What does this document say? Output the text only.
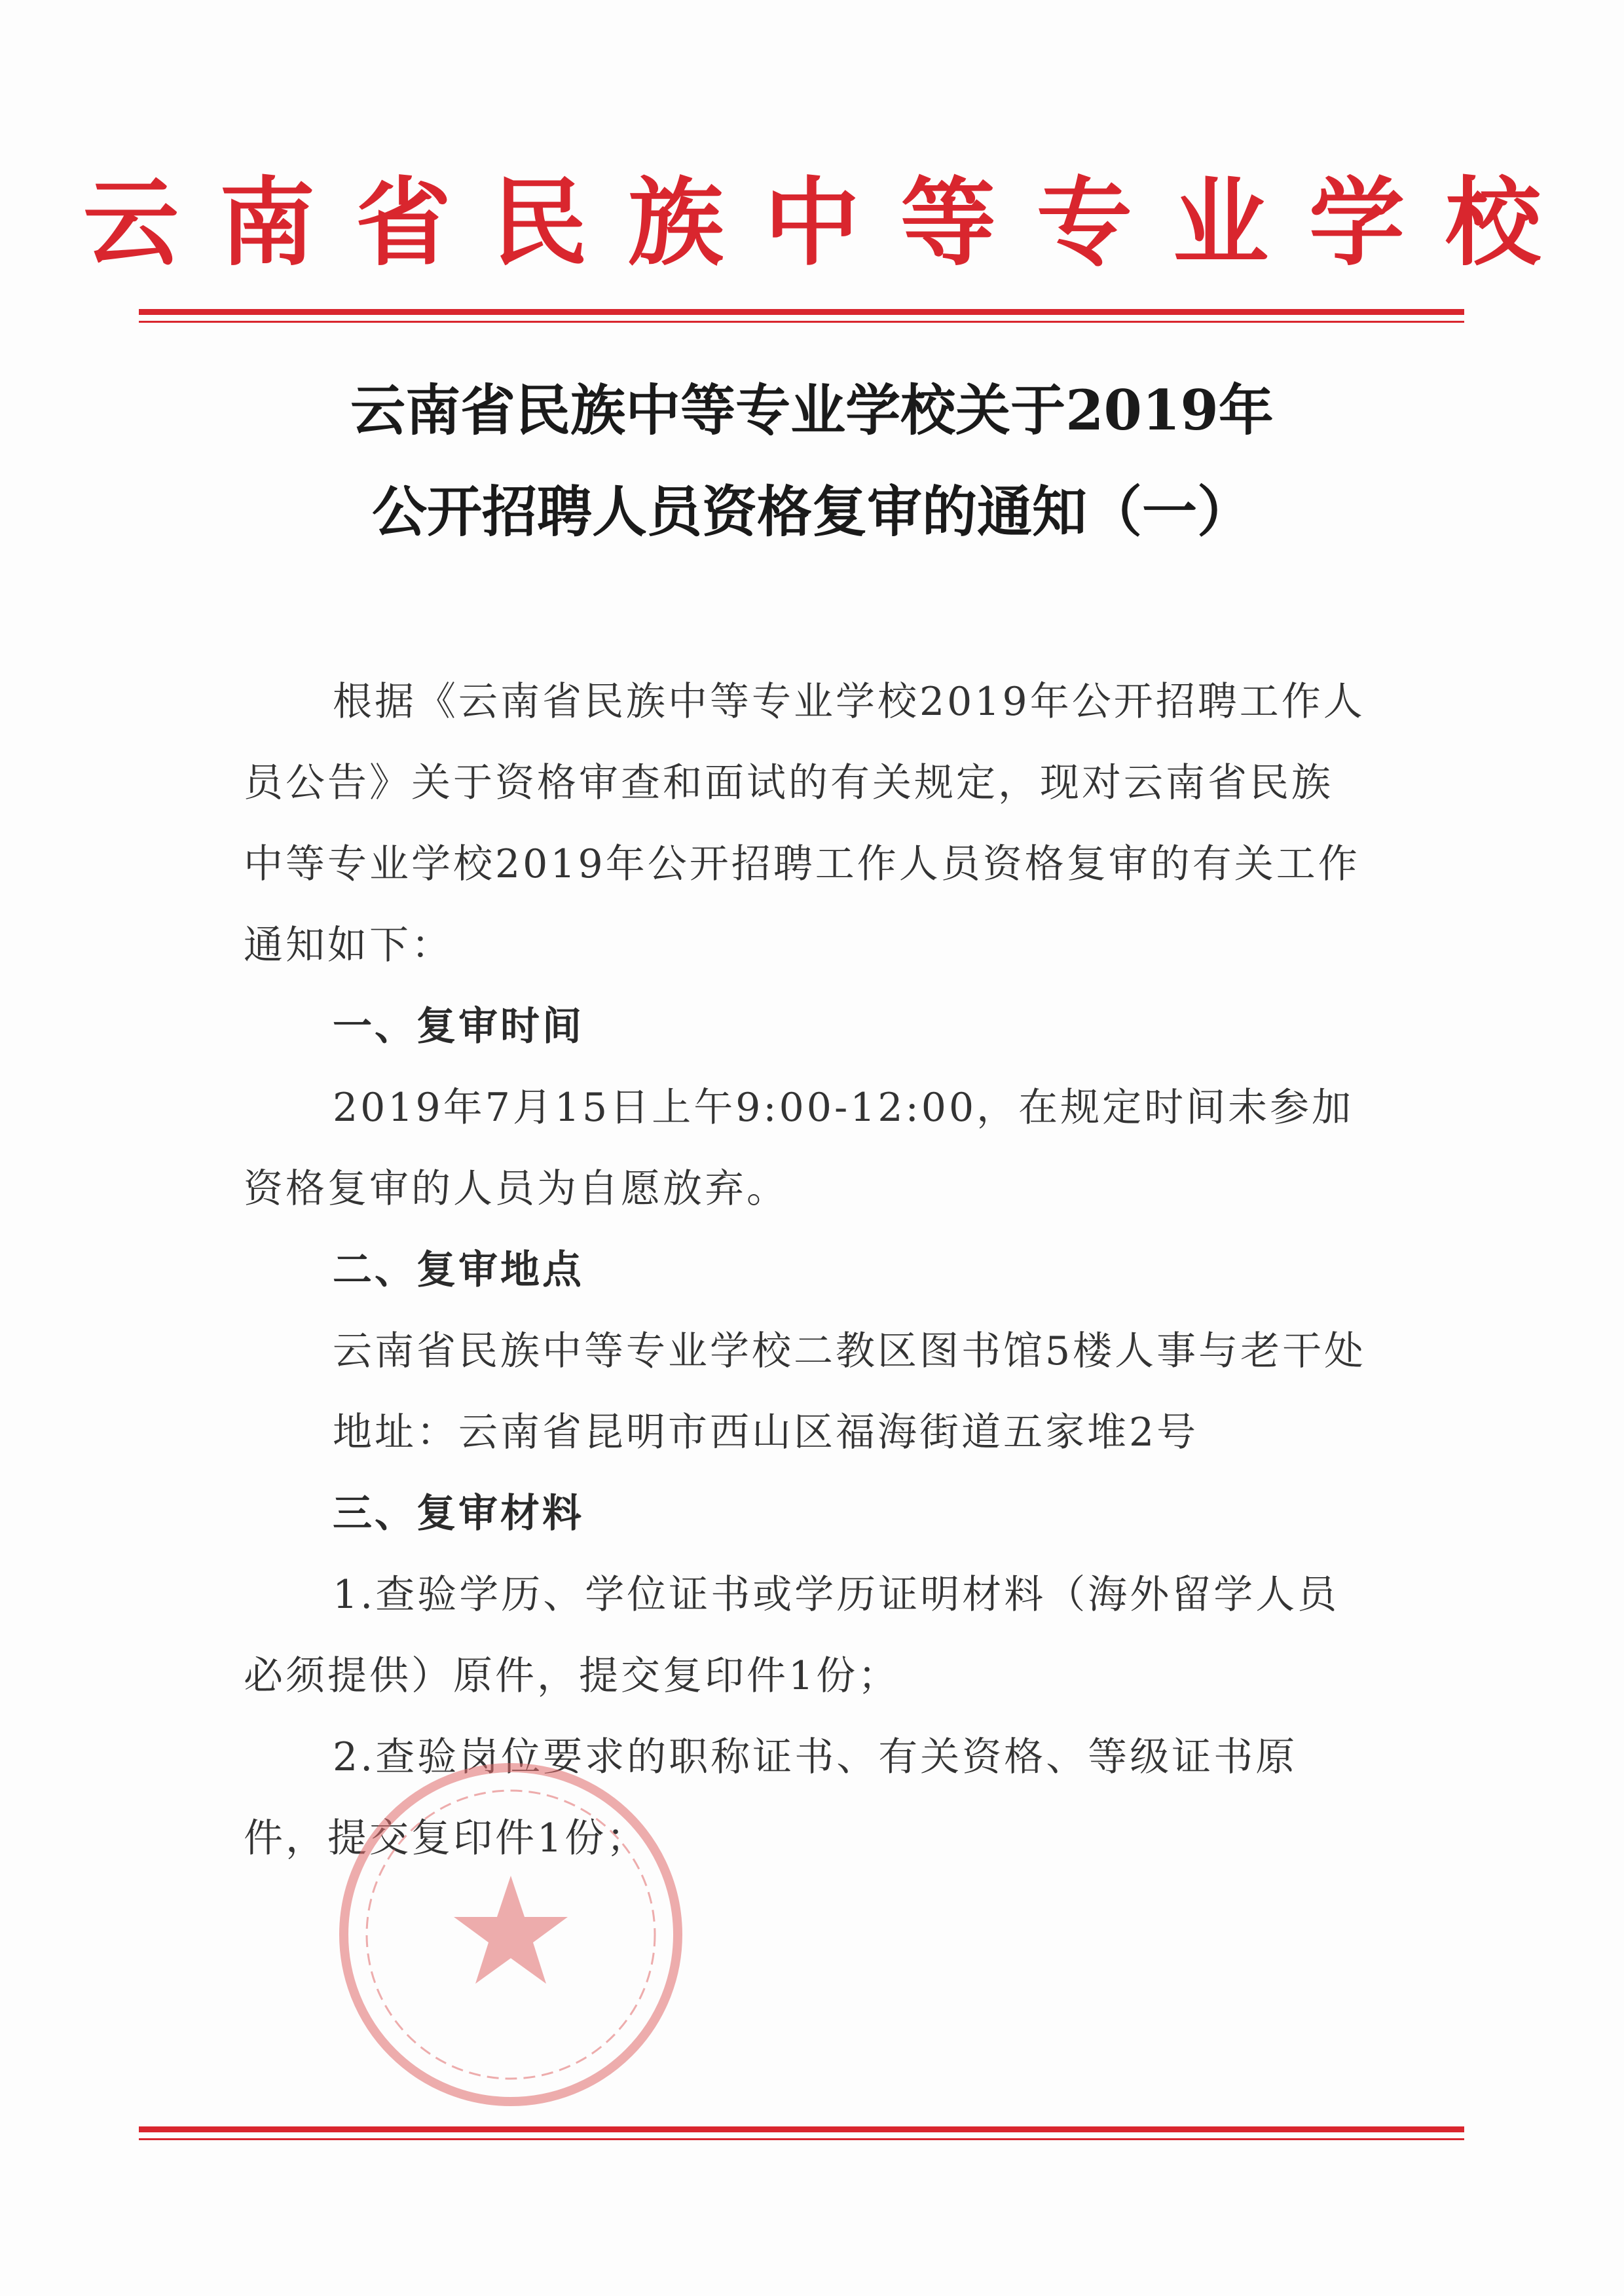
云南省民族中等专业学校
云南省民族中等专业学校关于2019年
公开招聘人员资格复审的通知（一）

根据《云南省民族中等专业学校2019年公开招聘工作人员公告》关于资格审查和面试的有关规定，现对云南省民族中等专业学校2019年公开招聘工作人员资格复审的有关工作通知如下：

一、复审时间

2019年7月15日上午9:00-12:00，在规定时间未参加资格复审的人员为自愿放弃。

二、复审地点

云南省民族中等专业学校二教区图书馆5楼人事与老干处

地址：云南省昆明市西山区福海街道五家堆2号

三、复审材料

1.查验学历、学位证书或学历证明材料（海外留学人员必须提供）原件，提交复印件1份；

2.查验岗位要求的职称证书、有关资格、等级证书原件，提交复印件1份；
